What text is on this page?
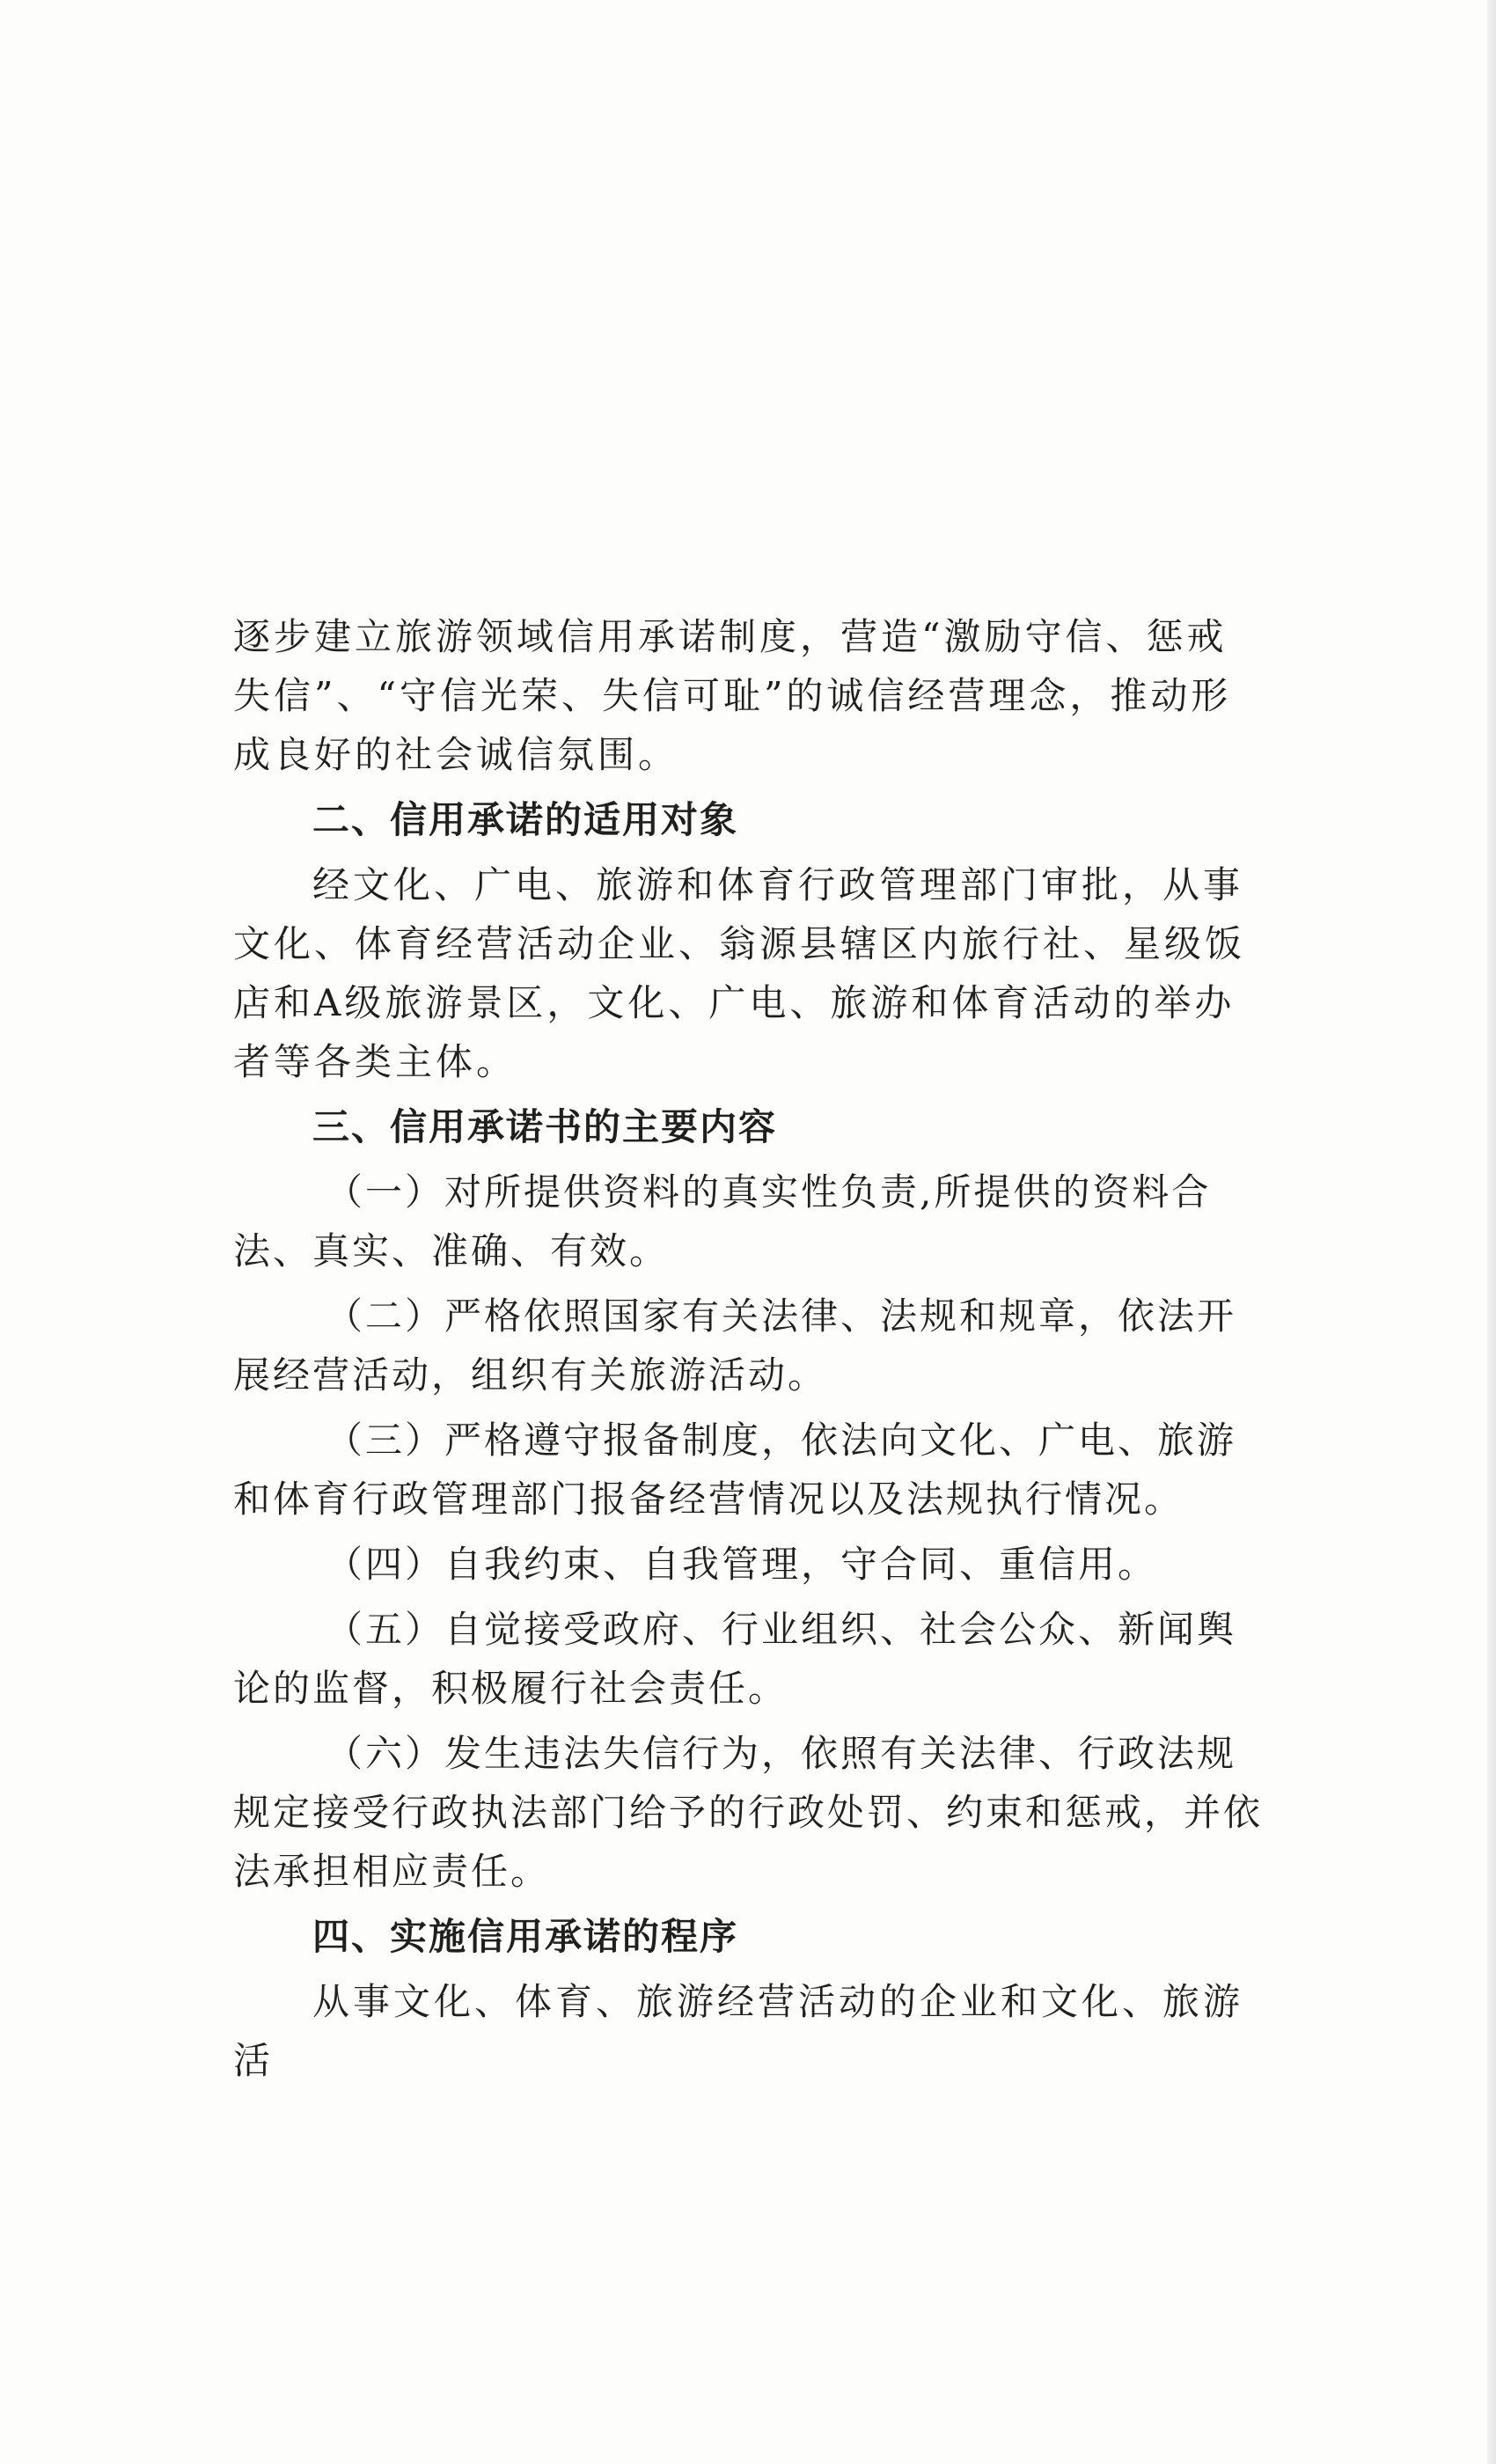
逐步建立旅游领域信用承诺制度，营造“激励守信、惩戒失信”、“守信光荣、失信可耻”的诚信经营理念，推动形成良好的社会诚信氛围。

二、信用承诺的适用对象

经文化、广电、旅游和体育行政管理部门审批，从事文化、体育经营活动企业、翁源县辖区内旅行社、星级饭店和A级旅游景区，文化、广电、旅游和体育活动的举办者等各类主体。

三、信用承诺书的主要内容

（一）对所提供资料的真实性负责,所提供的资料合法、真实、准确、有效。

（二）严格依照国家有关法律、法规和规章，依法开展经营活动，组织有关旅游活动。

（三）严格遵守报备制度，依法向文化、广电、旅游和体育行政管理部门报备经营情况以及法规执行情况。

（四）自我约束、自我管理，守合同、重信用。

（五）自觉接受政府、行业组织、社会公众、新闻舆论的监督，积极履行社会责任。

（六）发生违法失信行为，依照有关法律、行政法规规定接受行政执法部门给予的行政处罚、约束和惩戒，并依法承担相应责任。

四、实施信用承诺的程序

从事文化、体育、旅游经营活动的企业和文化、旅游活
